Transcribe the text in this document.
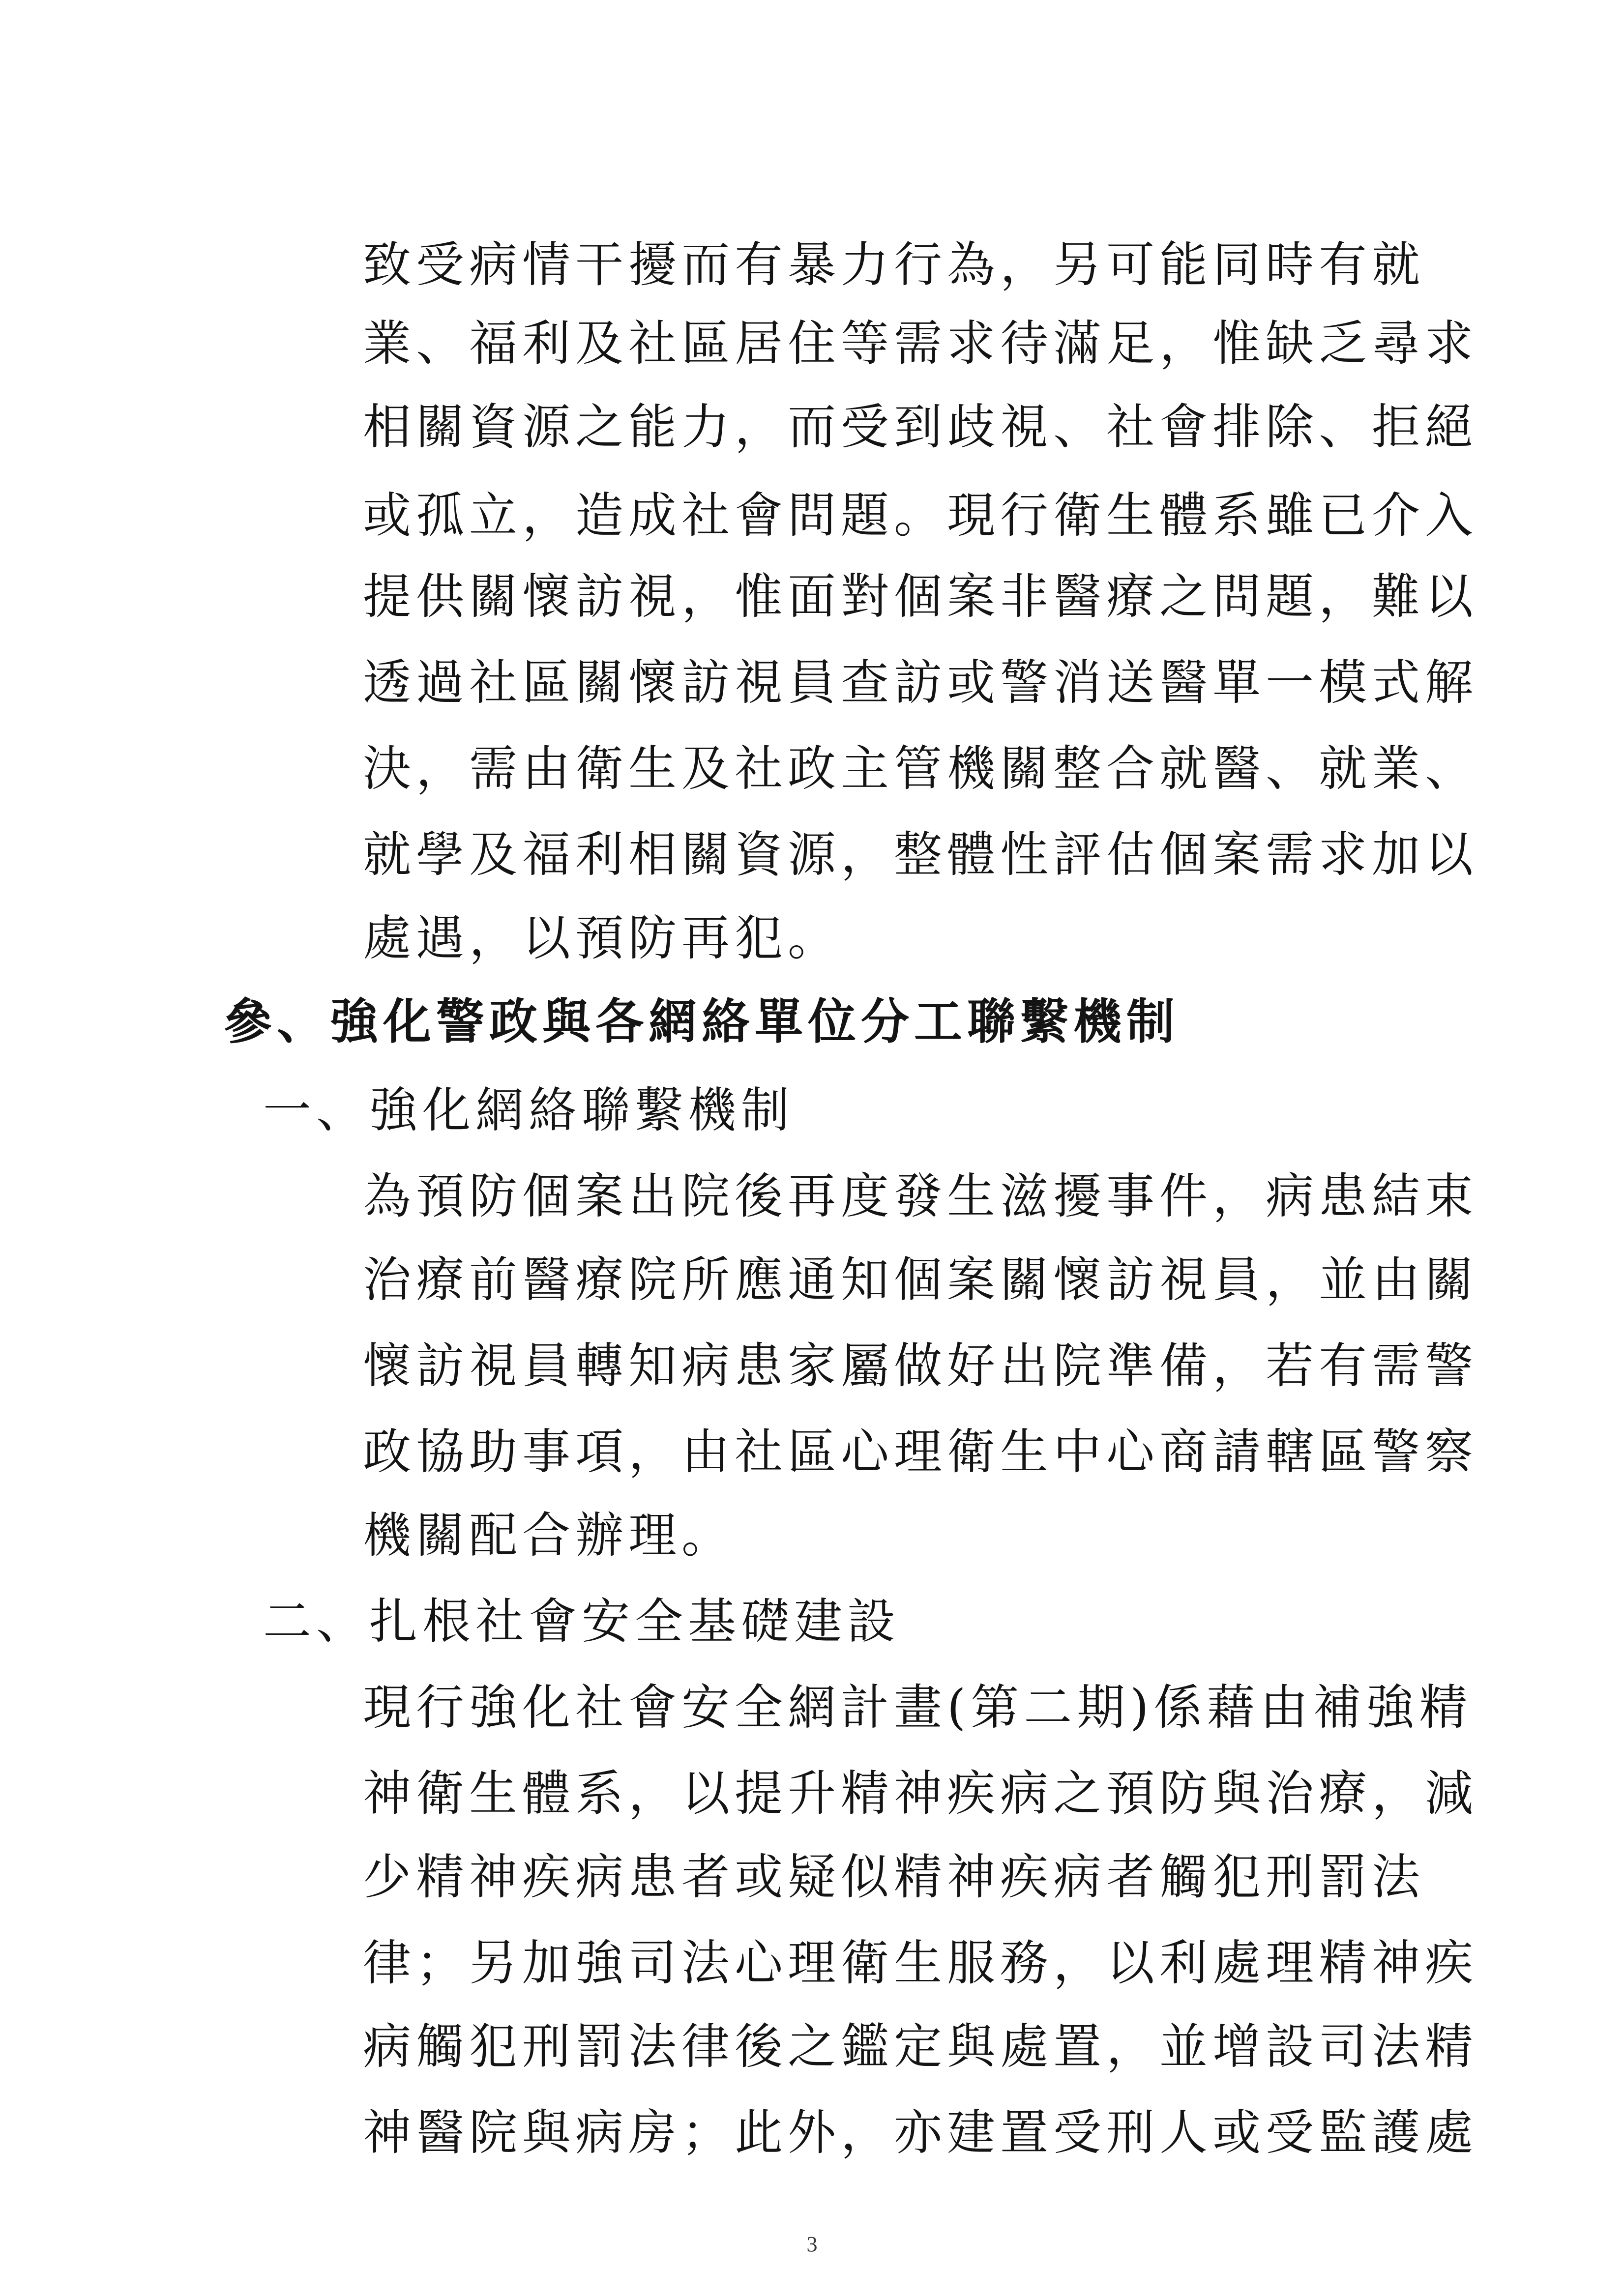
致受病情干擾而有暴力行為，另可能同時有就
業、福利及社區居住等需求待滿足，惟缺乏尋求
相關資源之能力，而受到歧視、社會排除、拒絕
或孤立，造成社會問題。現行衛生體系雖已介入
提供關懷訪視，惟面對個案非醫療之問題，難以
透過社區關懷訪視員查訪或警消送醫單一模式解
決，需由衛生及社政主管機關整合就醫、就業、
就學及福利相關資源，整體性評估個案需求加以
處遇，以預防再犯。
參、強化警政與各網絡單位分工聯繫機制
一、強化網絡聯繫機制
為預防個案出院後再度發生滋擾事件，病患結束
治療前醫療院所應通知個案關懷訪視員，並由關
懷訪視員轉知病患家屬做好出院準備，若有需警
政協助事項，由社區心理衛生中心商請轄區警察
機關配合辦理。
二、扎根社會安全基礎建設
現行強化社會安全網計畫(第二期)係藉由補強精
神衛生體系，以提升精神疾病之預防與治療，減
少精神疾病患者或疑似精神疾病者觸犯刑罰法
律；另加強司法心理衛生服務，以利處理精神疾
病觸犯刑罰法律後之鑑定與處置，並增設司法精
神醫院與病房；此外，亦建置受刑人或受監護處
3
